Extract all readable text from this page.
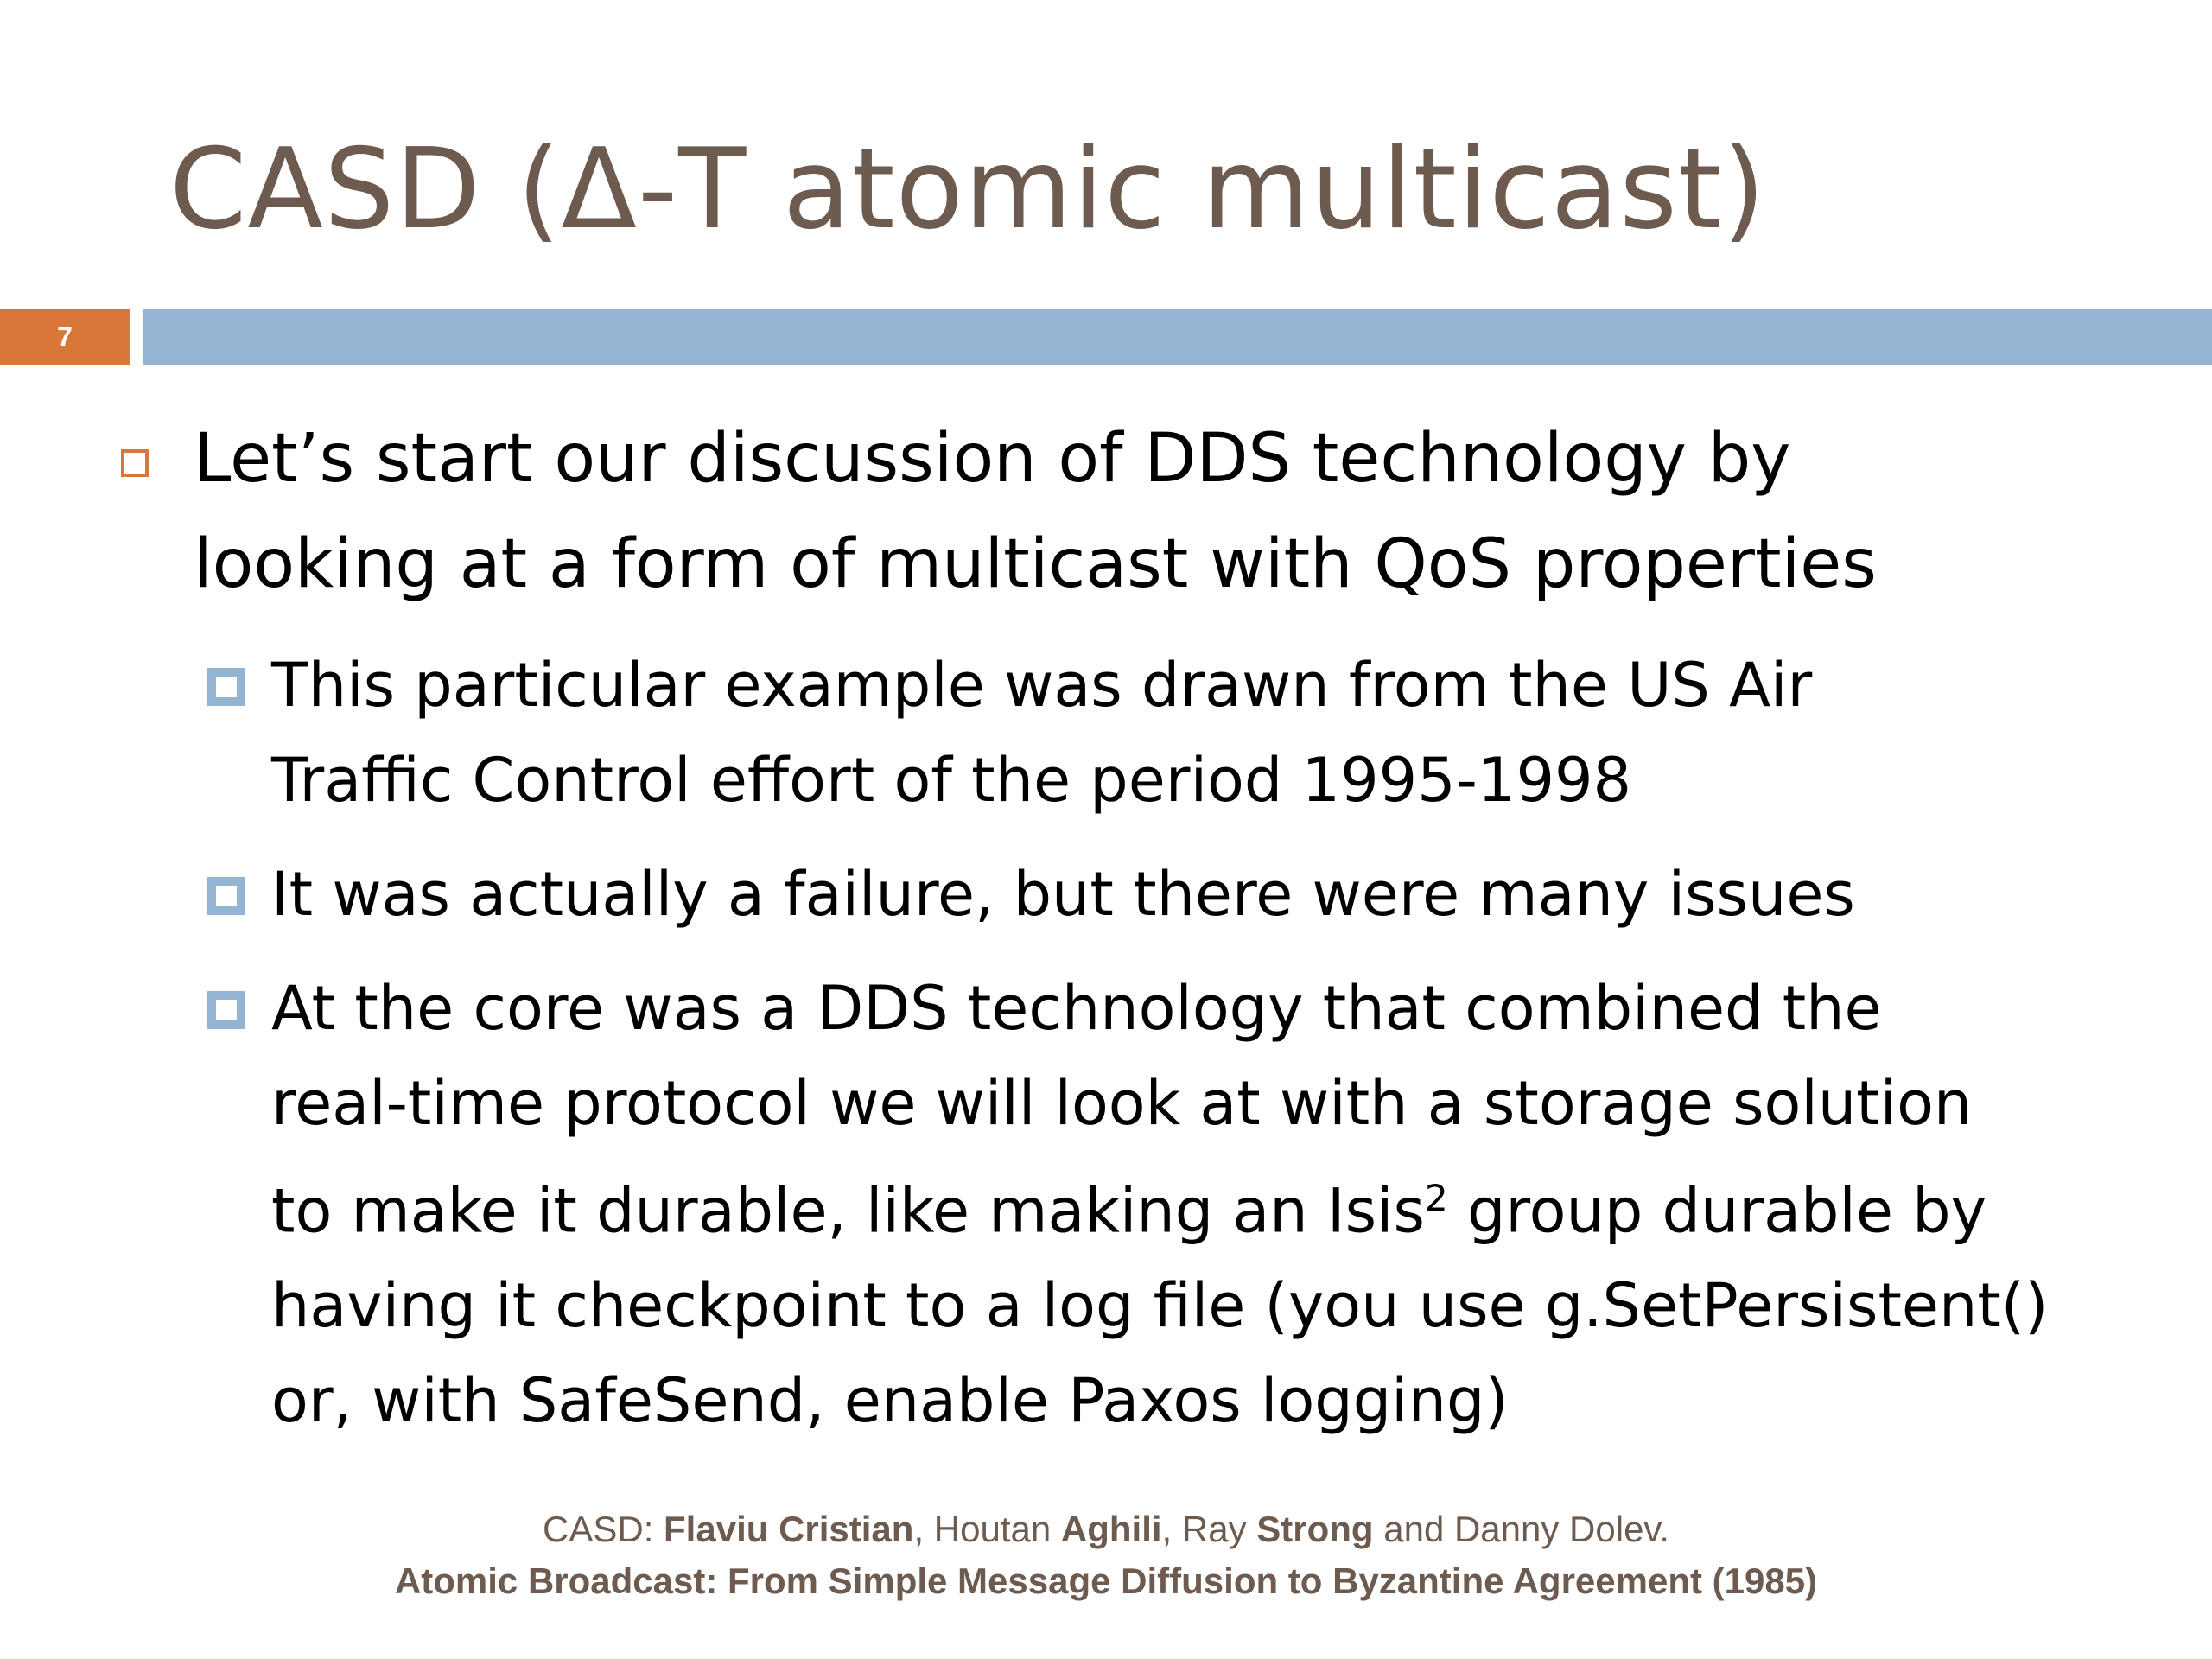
CASD (Δ-T atomic multicast)
7
Let’s start our discussion of DDS technology by
looking at a form of multicast with QoS properties
This particular example was drawn from the US Air
Traffic Control effort of the period 1995-1998
It was actually a failure, but there were many issues
At the core was a DDS technology that combined the
real-time protocol we will look at with a storage solution
to make it durable, like making an Isis$^2$ group durable by
having it checkpoint to a log file (you use g.SetPersistent()
or, with SafeSend, enable Paxos logging)
CASD: Flaviu Cristian, Houtan Aghili, Ray Strong and Danny Dolev.
Atomic Broadcast: From Simple Message Diffusion to Byzantine Agreement (1985)
